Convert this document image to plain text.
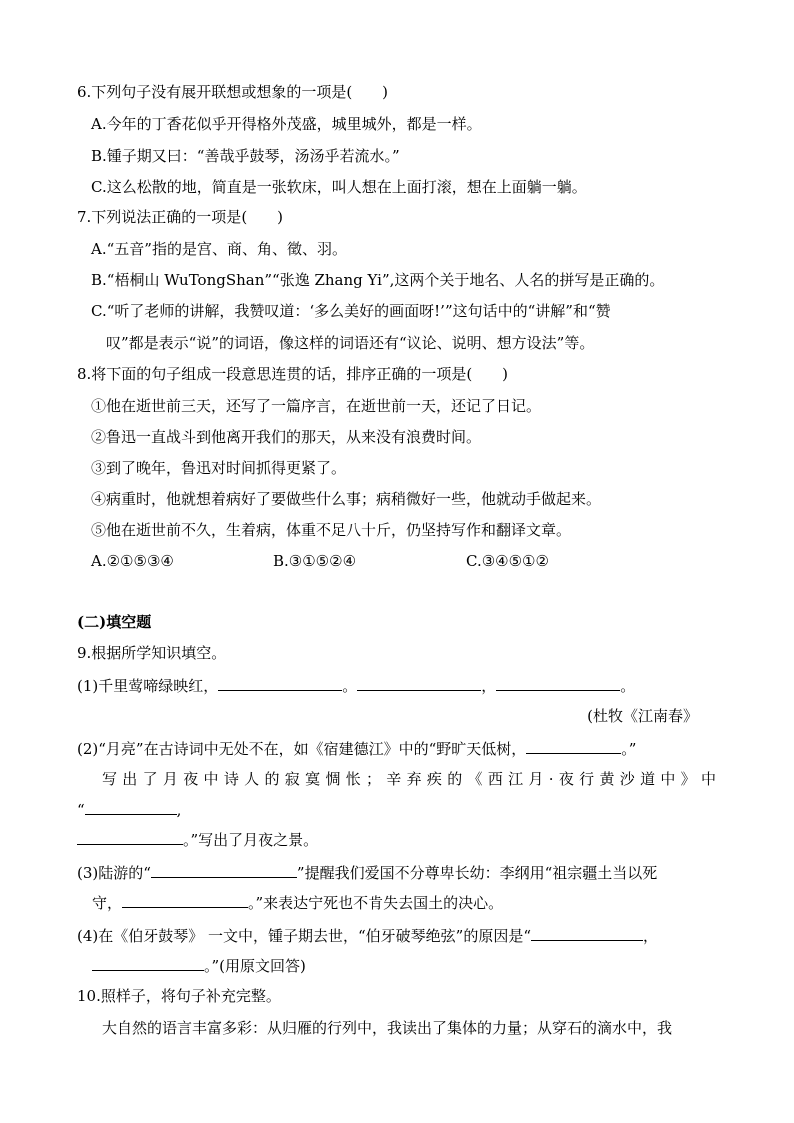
6.下列句子没有展开联想或想象的一项是(　　)
A.今年的丁香花似乎开得格外茂盛，城里城外，都是一样。
B.锺子期又曰：“善哉乎鼓琴，汤汤乎若流水。”
C.这么松散的地，简直是一张软床，叫人想在上面打滚，想在上面躺一躺。
7.下列说法正确的一项是(　　)
A.“五音”指的是宫、商、角、徵、羽。
B.“梧桐山 WuTongShan”“张逸 Zhang Yi”,这两个关于地名、人名的拼写是正确的。
C.“听了老师的讲解，我赞叹道：‘多么美好的画面呀!’”这句话中的“讲解”和“赞
叹”都是表示“说”的词语，像这样的词语还有“议论、说明、想方设法”等。
8.将下面的句子组成一段意思连贯的话，排序正确的一项是(　　)
①他在逝世前三天，还写了一篇序言，在逝世前一天，还记了日记。
②鲁迅一直战斗到他离开我们的那天，从来没有浪费时间。
③到了晚年，鲁迅对时间抓得更紧了。
④病重时，他就想着病好了要做些什么事；病稍微好一些，他就动手做起来。
⑤他在逝世前不久，生着病，体重不足八十斤，仍坚持写作和翻译文章。
A.②①⑤③④	B.③①⑤②④	C.③④⑤①②
(二)填空题
9.根据所学知识填空。
(1)千里莺啼绿映红，	。	，	。
(杜牧《江南春》
(2)“月亮”在古诗词中无处不在，如《宿建德江》中的“野旷天低树，	。”
写出了月夜中诗人的寂寞惆怅；辛弃疾的《西江月·夜行黄沙道中》中
“	,
。”写出了月夜之景。
(3)陆游的“	”提醒我们爱国不分尊卑长幼：李纲用“祖宗疆土当以死
守，	。”来表达宁死也不肯失去国土的决心。
(4)在《伯牙鼓琴》 一文中，锺子期去世，“伯牙破琴绝弦”的原因是“	，
。”(用原文回答)
10.照样子，将句子补充完整。
大自然的语言丰富多彩：从归雁的行列中，我读出了集体的力量；从穿石的滴水中，我
